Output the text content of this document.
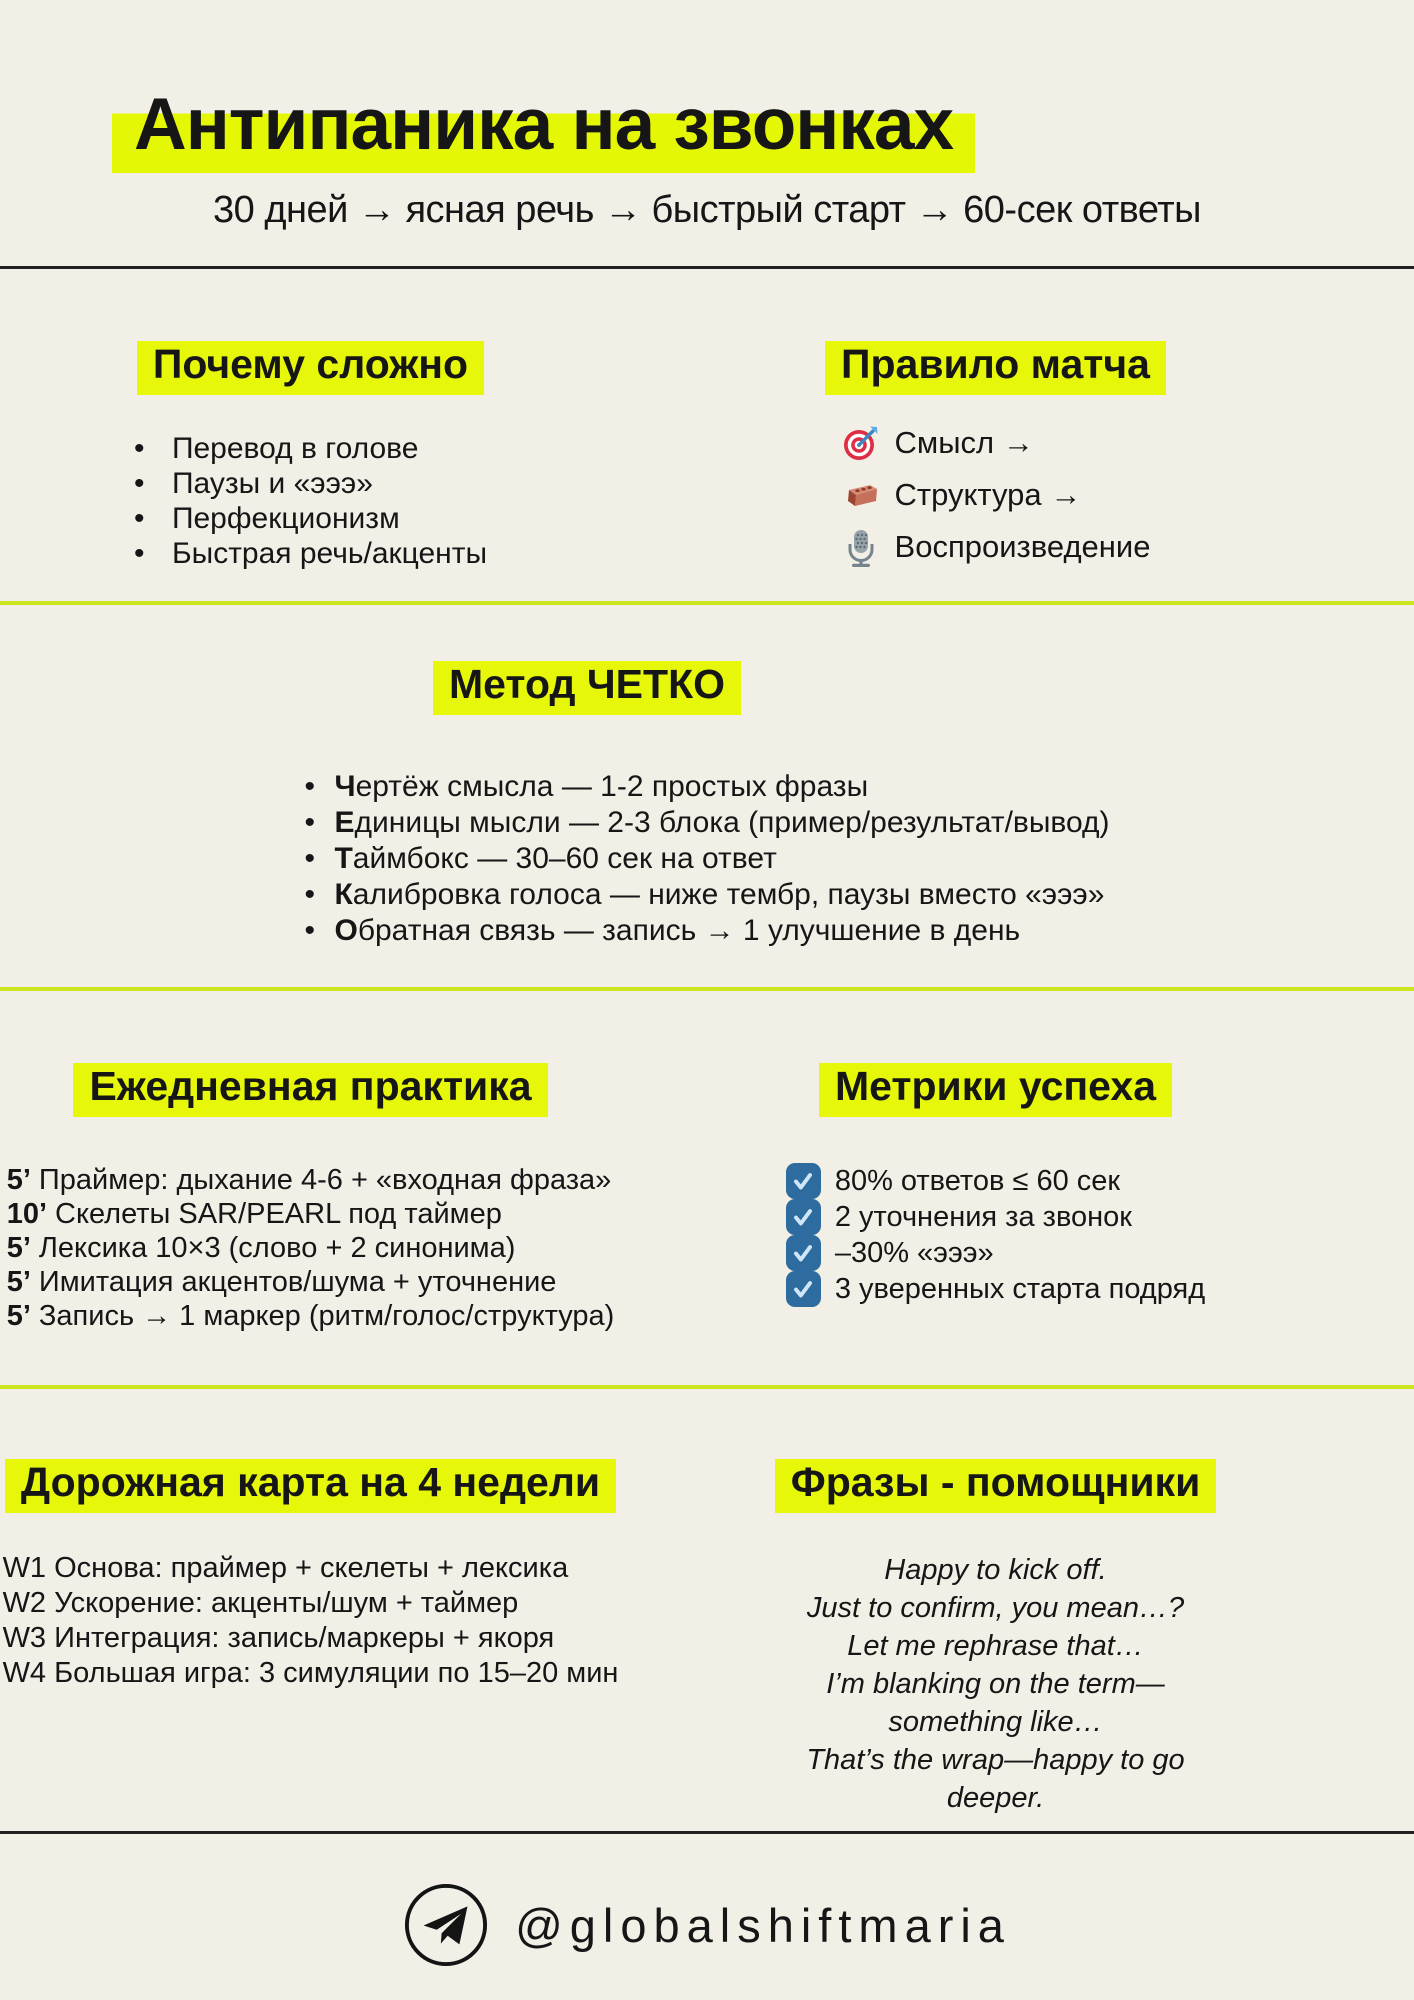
Антипаника на звонках
30 дней → ясная речь → быстрый старт → 60-сек ответы
Почему сложно
• Перевод в голове
• Паузы и «эээ»
• Перфекционизм
• Быстрая речь/акценты
Правило матча
Смысл →
Структура →
Воспроизведение
Метод ЧЕТКО
• Ч ертёж смысла — 1-2 простых фразы
• Е диницы мысли — 2-3 блока (пример/результат/вывод)
• Т аймбокс — 30–60 сек на ответ
• К алибровка голоса — ниже тембр, паузы вместо «эээ»
• О братная связь — запись → 1 улучшение в день
Ежедневная практика
5’ Праймер: дыхание 4-6 + «входная фраза»
10’ Скелеты SAR/PEARL под таймер
5’ Лексика 10×3 (слово + 2 синонима)
5’ Имитация акцентов/шума + уточнение
5’ Запись → 1 маркер (ритм/голос/структура)
Метрики успеха
80% ответов ≤ 60 сек
2 уточнения за звонок
–30% «эээ»
3 уверенных старта подряд
Дорожная карта на 4 недели
W1 Основа: праймер + скелеты + лексика
W2 Ускорение: акценты/шум + таймер
W3 Интеграция: запись/маркеры + якоря
W4 Большая игра: 3 симуляции по 15–20 мин
Фразы - помощники
Happy to kick off.
Just to confirm, you mean…?
Let me rephrase that…
I’m blanking on the term—something like…
That’s the wrap—happy to go deeper.
@globalshiftmaria
